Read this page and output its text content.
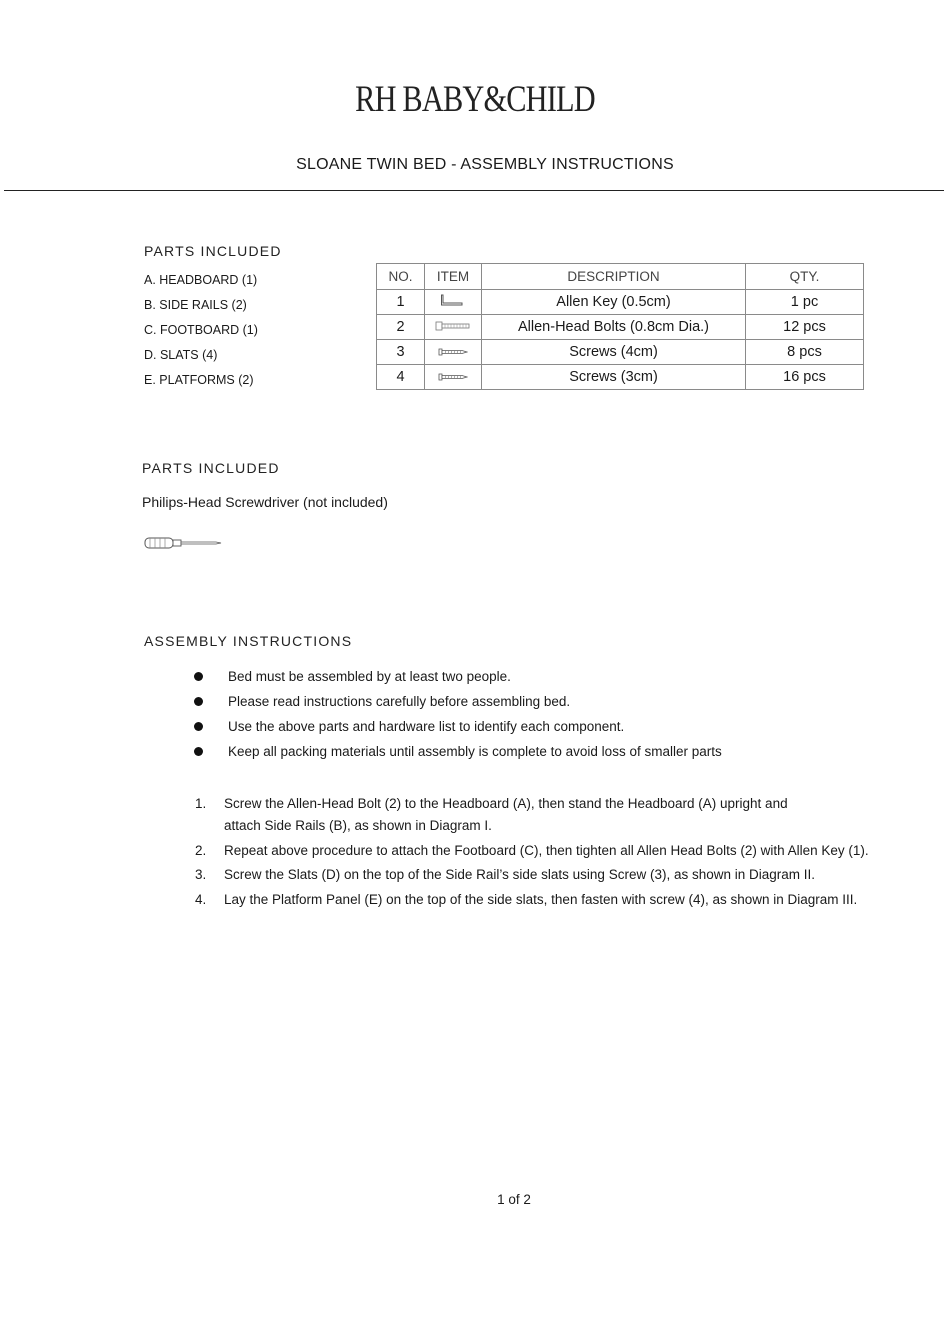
RH BABY&CHILD
SLOANE TWIN BED - ASSEMBLY INSTRUCTIONS
PARTS INCLUDED
A. HEADBOARD (1)
B. SIDE RAILS (2)
C. FOOTBOARD (1)
D. SLATS (4)
E. PLATFORMS (2)
NO.	ITEM	DESCRIPTION	QTY.
1		Allen Key (0.5cm)	1 pc
2		Allen-Head Bolts (0.8cm Dia.)	12 pcs
3		Screws (4cm)	8 pcs
4		Screws (3cm)	16 pcs
PARTS INCLUDED
Philips-Head Screwdriver (not included)
ASSEMBLY INSTRUCTIONS
Bed must be assembled by at least two people.
Please read instructions carefully before assembling bed.
Use the above parts and hardware list to identify each component.
Keep all packing materials until assembly is complete to avoid loss of smaller parts
1. Screw the Allen-Head Bolt (2) to the Headboard (A), then stand the Headboard (A) upright and attach Side Rails (B), as shown in Diagram I.
2. Repeat above procedure to attach the Footboard (C), then tighten all Allen Head Bolts (2) with Allen Key (1).
3. Screw the Slats (D) on the top of the Side Rail’s side slats using Screw (3), as shown in Diagram II.
4. Lay the Platform Panel (E) on the top of the side slats, then fasten with screw (4), as shown in Diagram III.
1 of 2
